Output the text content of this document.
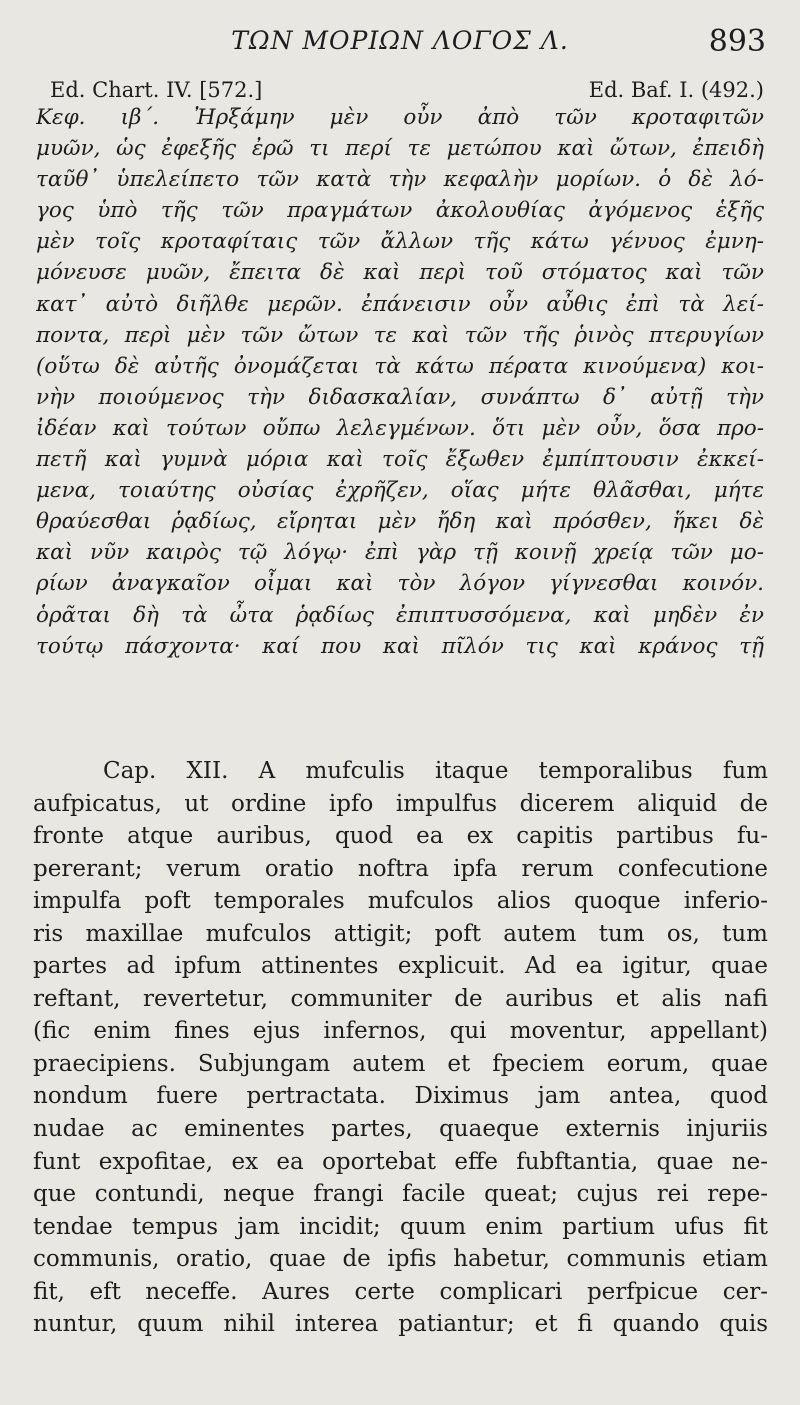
ΤΩΝ ΜΟΡΙΩΝ ΛΟΓΟΣ Λ.	893
Ed. Chart. IV. [572.]	Ed. Baf. I. (492.)
Κεφ. ιβ΄. Ἠρξάμην μὲν οὖν ἀπὸ τῶν κροταφιτῶν
μυῶν, ὡς ἐφεξῆς ἐρῶ τι περί τε μετώπου καὶ ὤτων, ἐπειδὴ
ταῦθ᾽ ὑπελείπετο τῶν κατὰ τὴν κεφαλὴν μορίων. ὁ δὲ λό-
γος ὑπὸ τῆς τῶν πραγμάτων ἀκολουθίας ἀγόμενος ἑξῆς
μὲν τοῖς κροταφίταις τῶν ἄλλων τῆς κάτω γένυος ἐμνη-
μόνευσε μυῶν, ἔπειτα δὲ καὶ περὶ τοῦ στόματος καὶ τῶν
κατ᾽ αὐτὸ διῆλθε μερῶν. ἐπάνεισιν οὖν αὖθις ἐπὶ τὰ λεί-
ποντα, περὶ μὲν τῶν ὤτων τε καὶ τῶν τῆς ῥινὸς πτερυγίων
(οὕτω δὲ αὐτῆς ὀνομάζεται τὰ κάτω πέρατα κινούμενα) κοι-
νὴν ποιούμενος τὴν διδασκαλίαν, συνάπτω δ᾽ αὐτῇ τὴν
ἰδέαν καὶ τούτων οὔπω λελεγμένων. ὅτι μὲν οὖν, ὅσα προ-
πετῆ καὶ γυμνὰ μόρια καὶ τοῖς ἔξωθεν ἐμπίπτουσιν ἐκκεί-
μενα, τοιαύτης οὐσίας ἐχρῆζεν, οἵας μήτε θλᾶσθαι, μήτε
θραύεσθαι ῥᾳδίως, εἴρηται μὲν ἤδη καὶ πρόσθεν, ἥκει δὲ
καὶ νῦν καιρὸς τῷ λόγῳ· ἐπὶ γὰρ τῇ κοινῇ χρείᾳ τῶν μο-
ρίων ἀναγκαῖον οἶμαι καὶ τὸν λόγον γίγνεσθαι κοινόν.
ὁρᾶται δὴ τὰ ὦτα ῥᾳδίως ἐπιπτυσσόμενα, καὶ μηδὲν ἐν
τούτῳ πάσχοντα· καί που καὶ πῖλόν τις καὶ κράνος τῇ
Cap. XII. A mufculis itaque temporalibus fum
aufpicatus, ut ordine ipfo impulfus dicerem aliquid de
fronte atque auribus, quod ea ex capitis partibus fu-
pererant; verum oratio noftra ipfa rerum confecutione
impulfa poft temporales mufculos alios quoque inferio-
ris maxillae mufculos attigit; poft autem tum os, tum
partes ad ipfum attinentes explicuit. Ad ea igitur, quae
reftant, revertetur, communiter de auribus et alis nafi
(fic enim fines ejus infernos, qui moventur, appellant)
praecipiens. Subjungam autem et fpeciem eorum, quae
nondum fuere pertractata. Diximus jam antea, quod
nudae ac eminentes partes, quaeque externis injuriis
funt expofitae, ex ea oportebat effe fubftantia, quae ne-
que contundi, neque frangi facile queat; cujus rei repe-
tendae tempus jam incidit; quum enim partium ufus fit
communis, oratio, quae de ipfis habetur, communis etiam
fit, eft neceffe. Aures certe complicari perfpicue cer-
nuntur, quum nihil interea patiantur; et fi quando quis
